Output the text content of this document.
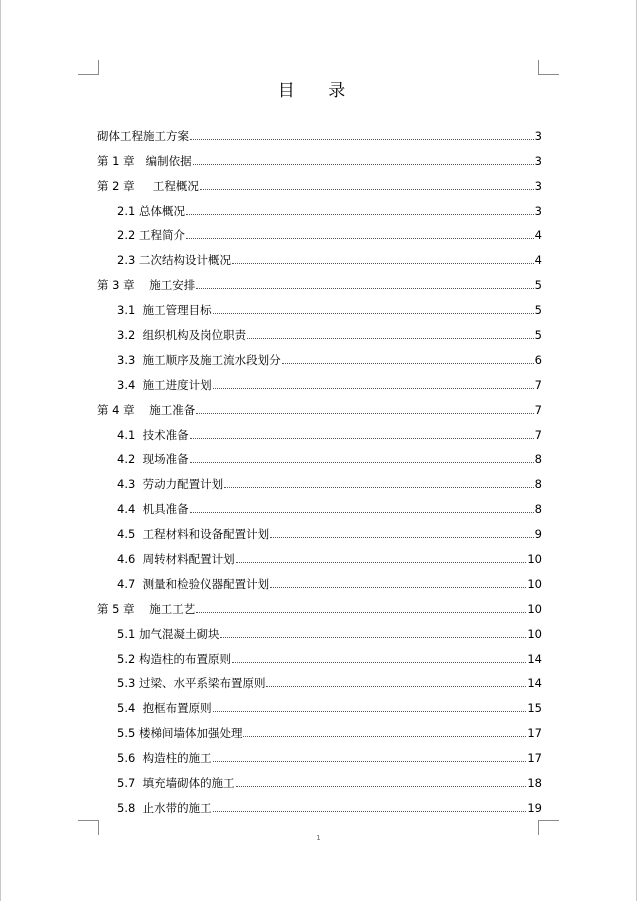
目 录
砌体工程施工方案	3
第 1 章   编制依据	3
第 2 章     工程概况	3
2.1 总体概况	3
2.2 工程简介	4
2.3 二次结构设计概况	4
第 3 章    施工安排	5
3.1  施工管理目标	5
3.2  组织机构及岗位职责	5
3.3  施工顺序及施工流水段划分	6
3.4  施工进度计划	7
第 4 章    施工准备	7
4.1  技术准备	7
4.2  现场准备	8
4.3  劳动力配置计划	8
4.4  机具准备	8
4.5  工程材料和设备配置计划	9
4.6  周转材料配置计划	10
4.7  测量和检验仪器配置计划	10
第 5 章    施工工艺	10
5.1 加气混凝土砌块	10
5.2 构造柱的布置原则	14
5.3 过梁、水平系梁布置原则	14
5.4  抱框布置原则	15
5.5 楼梯间墙体加强处理	17
5.6  构造柱的施工	17
5.7  填充墙砌体的施工	18
5.8  止水带的施工	19
1
